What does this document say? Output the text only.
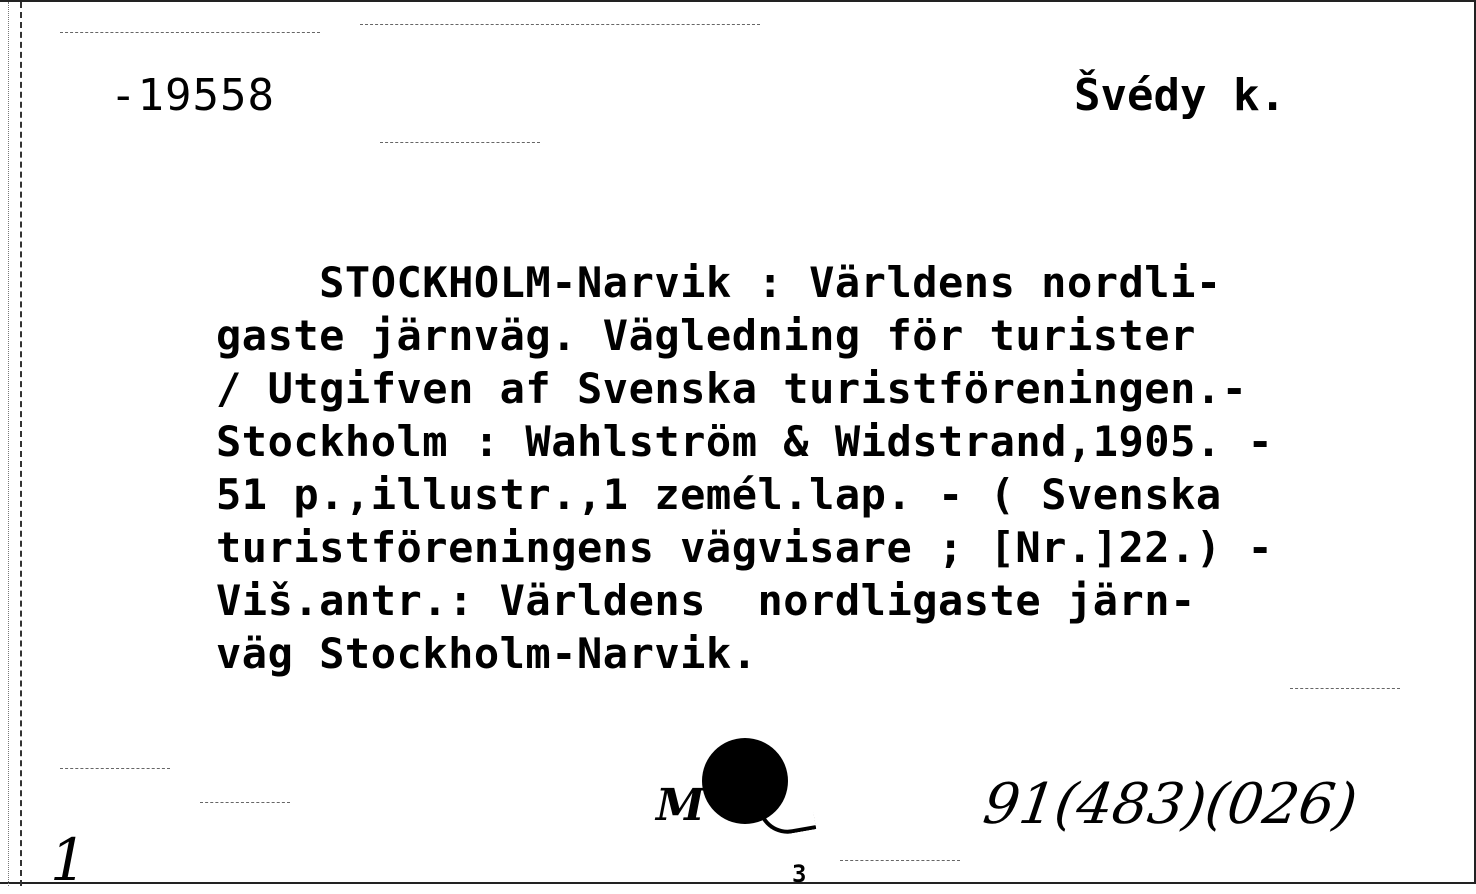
-19558	Švédy k.
STOCKHOLM-Narvik : Världens nordli-
gaste järnväg. Vägledning för turister
/ Utgifven af Svenska turistföreningen.-
Stockholm : Wahlström & Widstrand,1905. -
51 p.,illustr.,1 zemél.lap. - ( Svenska
turistföreningens vägvisare ; [Nr.]22.) -
Viš.antr.: Världens  nordligaste järn-
väg Stockholm-Narvik.
M	91(483)(026)
1	3
